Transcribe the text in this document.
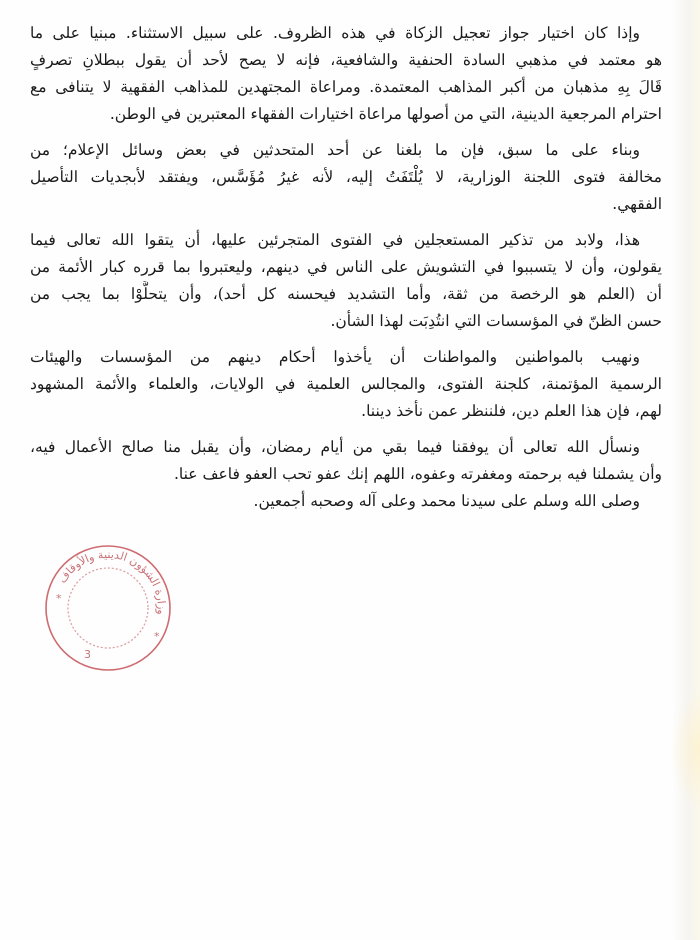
وإذا كان اختيار جواز تعجيل الزكاة في هذه الظروف. على سبيل الاستثناء. مبنيا على ما
هو معتمد في مذهبي السادة الحنفية والشافعية، فإنه لا يصح لأحد أن يقول ببطلانِ تصرفٍ
قَالَ بِهِ مذهبان من أكبر المذاهب المعتمدة. ومراعاة المجتهدين للمذاهب الفقهية لا يتنافى مع
احترام المرجعية الدينية، التي من أصولها مراعاة اختيارات الفقهاء المعتبرين في الوطن.
وبناء على ما سبق، فإن ما بلغنا عن أحد المتحدثين في بعض وسائل الإعلام؛ من
مخالفة فتوى اللجنة الوزارية، لا يُلْتَفَتُ إليه، لأنه غيرُ مُؤَسَّس، ويفتقد لأبجديات التأصيل
الفقهي.
هذا، ولابد من تذكير المستعجلين في الفتوى المتجرئين عليها، أن يتقوا الله تعالى فيما
يقولون، وأن لا يتسببوا في التشويش على الناس في دينهم، وليعتبروا بما قرره كبار الأئمة من
أن (العلم هو الرخصة من ثقة، وأما التشديد فيحسنه كل أحد)، وأن يتحلَّوْا بما يجب من
حسن الظنّ في المؤسسات التي انتُدِبَت لهذا الشأن.
ونهيب بالمواطنين والمواطنات أن يأخذوا أحكام دينهم من المؤسسات والهيئات
الرسمية المؤتمنة، كلجنة الفتوى، والمجالس العلمية في الولايات، والعلماء والأئمة المشهود
لهم، فإن هذا العلم دين، فلننظر عمن نأخذ ديننا.
ونسأل الله تعالى أن يوفقنا فيما بقي من أيام رمضان، وأن يقبل منا صالح الأعمال فيه،
وأن يشملنا فيه برحمته ومغفرته وعفوه، اللهم إنك عفو تحب العفو فاعف عنا.
وصلى الله وسلم على سيدنا محمد وعلى آله وصحبه أجمعين.
وزارة الشؤون الدينية والأوقاف
*
*
3
